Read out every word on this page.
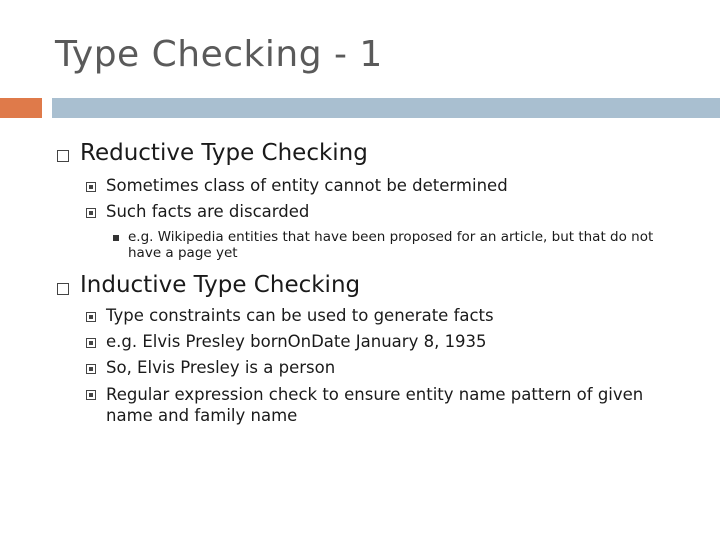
Type Checking - 1
Reductive Type Checking
Sometimes class of entity cannot be determined
Such facts are discarded
e.g. Wikipedia entities that have been proposed for an article, but that do not have a page yet
Inductive Type Checking
Type constraints can be used to generate facts
e.g. Elvis Presley bornOnDate January 8, 1935
So, Elvis Presley is a person
Regular expression check to ensure entity name pattern of given name and family name
